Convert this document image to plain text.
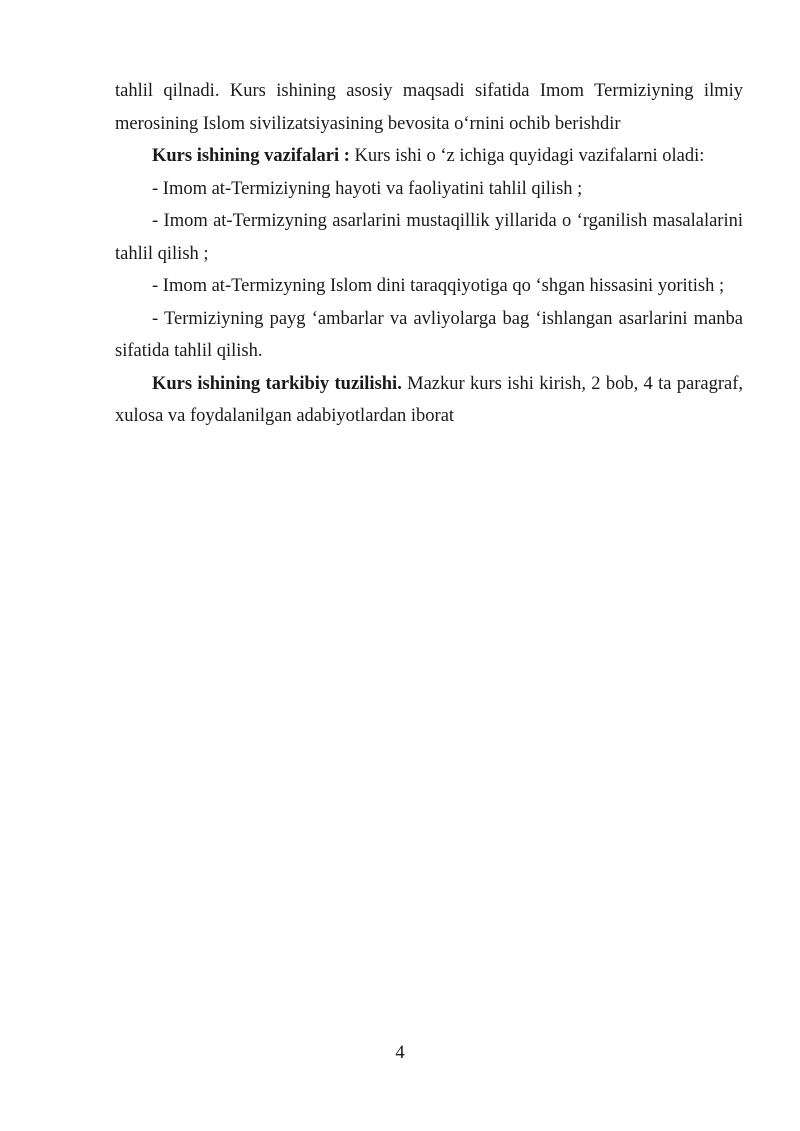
tahlil qilnadi. Kurs ishining asosiy maqsadi sifatida Imom Termiziyning ilmiy merosining Islom sivilizatsiyasining bevosita o‘rnini ochib berishdir

Kurs ishining vazifalari : Kurs ishi o ‘z ichiga quyidagi vazifalarni oladi:

- Imom at-Termiziyning hayoti va faoliyatini tahlil qilish ;

- Imom at-Termizyning asarlarini mustaqillik yillarida o ‘rganilish masalalarini tahlil qilish ;

- Imom at-Termizyning Islom dini taraqqiyotiga qo ‘shgan hissasini yoritish ;

- Termiziyning payg ‘ambarlar va avliyolarga bag ‘ishlangan asarlarini manba sifatida tahlil qilish.

Kurs ishining tarkibiy tuzilishi. Mazkur kurs ishi kirish, 2 bob, 4 ta paragraf, xulosa va foydalanilgan adabiyotlardan iborat

4
